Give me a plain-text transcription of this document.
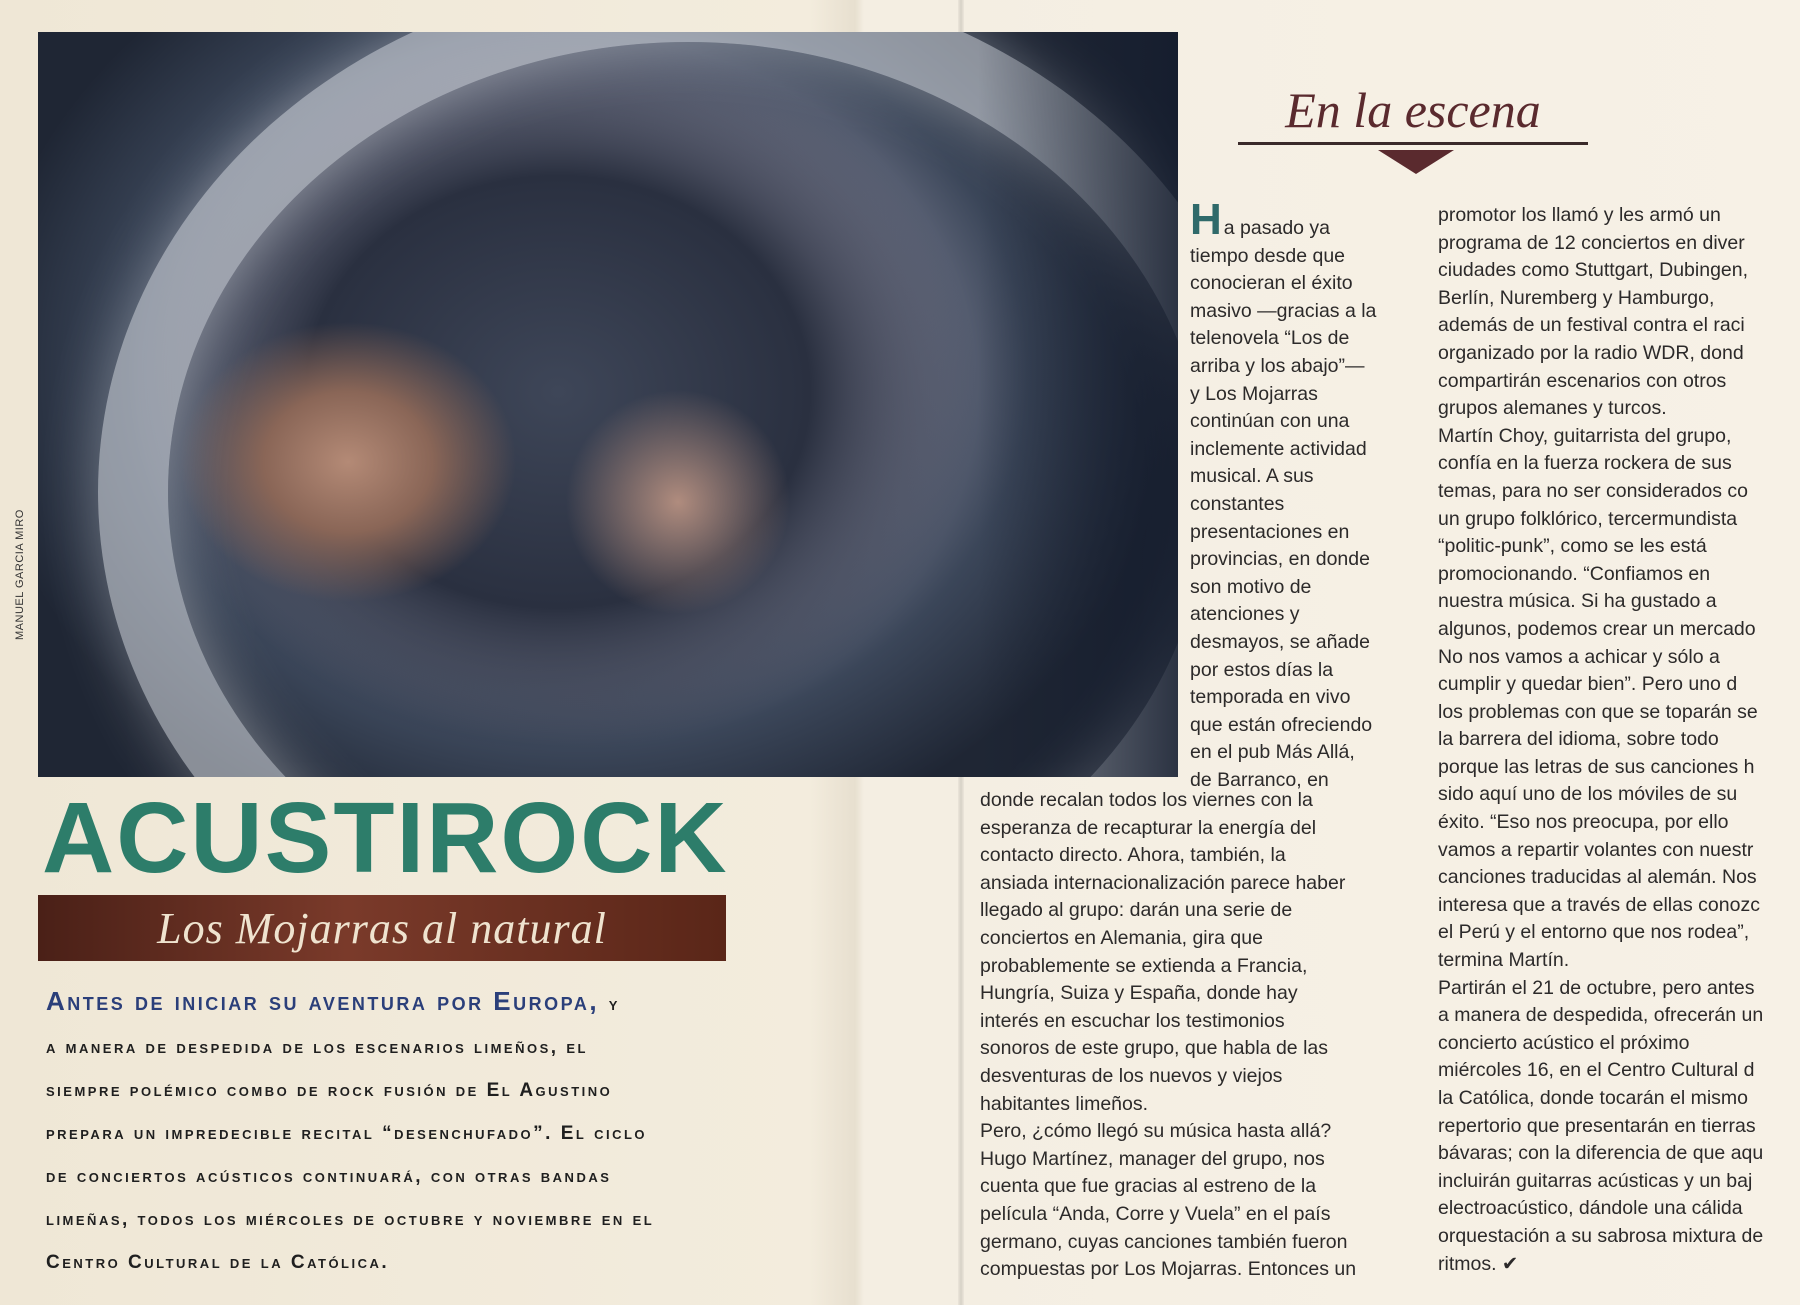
MANUEL GARCIA MIRO
En la escena
ACUSTIROCK
Los Mojarras al natural
Antes de iniciar su aventura por Europa, y
a manera de despedida de los escenarios limeños, el
siempre polémico combo de rock fusión de El Agustino
prepara un impredecible recital “desenchufado”. El ciclo
de conciertos acústicos continuará, con otras bandas
limeñas, todos los miércoles de octubre y noviembre en el
Centro Cultural de la Católica.
Ha pasado ya
tiempo desde que
conocieran el éxito
masivo —gracias a la
telenovela “Los de
arriba y los abajo”—
y Los Mojarras
continúan con una
inclemente actividad
musical. A sus
constantes
presentaciones en
provincias, en donde
son motivo de
atenciones y
desmayos, se añade
por estos días la
temporada en vivo
que están ofreciendo
en el pub Más Allá,
de Barranco, en
donde recalan todos los viernes con la
esperanza de recapturar la energía del
contacto directo. Ahora, también, la
ansiada internacionalización parece haber
llegado al grupo: darán una serie de
conciertos en Alemania, gira que
probablemente se extienda a Francia,
Hungría, Suiza y España, donde hay
interés en escuchar los testimonios
sonoros de este grupo, que habla de las
desventuras de los nuevos y viejos
habitantes limeños.
Pero, ¿cómo llegó su música hasta allá?
Hugo Martínez, manager del grupo, nos
cuenta que fue gracias al estreno de la
película “Anda, Corre y Vuela” en el país
germano, cuyas canciones también fueron
compuestas por Los Mojarras. Entonces un
promotor los llamó y les armó un
programa de 12 conciertos en diver
ciudades como Stuttgart, Dubingen,
Berlín, Nuremberg y Hamburgo,
además de un festival contra el raci
organizado por la radio WDR, dond
compartirán escenarios con otros
grupos alemanes y turcos.
Martín Choy, guitarrista del grupo,
confía en la fuerza rockera de sus
temas, para no ser considerados co
un grupo folklórico, tercermundista
“politic-punk”, como se les está
promocionando. “Confiamos en
nuestra música. Si ha gustado a
algunos, podemos crear un mercado
No nos vamos a achicar y sólo a
cumplir y quedar bien”. Pero uno d
los problemas con que se toparán se
la barrera del idioma, sobre todo
porque las letras de sus canciones h
sido aquí uno de los móviles de su
éxito. “Eso nos preocupa, por ello
vamos a repartir volantes con nuestr
canciones traducidas al alemán. Nos
interesa que a través de ellas conozc
el Perú y el entorno que nos rodea”,
termina Martín.
Partirán el 21 de octubre, pero antes
a manera de despedida, ofrecerán un
concierto acústico el próximo
miércoles 16, en el Centro Cultural d
la Católica, donde tocarán el mismo
repertorio que presentarán en tierras
bávaras; con la diferencia de que aqu
incluirán guitarras acústicas y un baj
electroacústico, dándole una cálida
orquestación a su sabrosa mixtura de
ritmos. ✔
